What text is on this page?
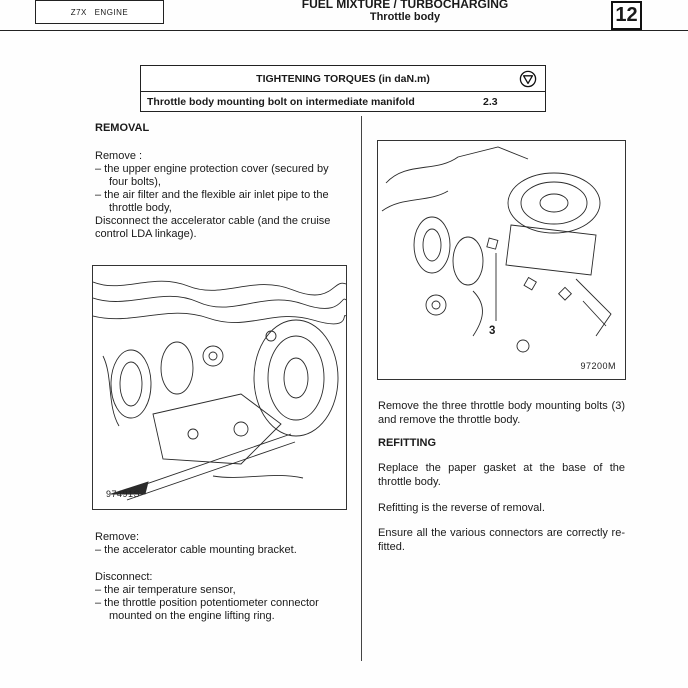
Z7X ENGINE
FUEL MIXTURE / TURBOCHARGING
Throttle body	12
TIGHTENING TORQUES (in daN.m)
Throttle body mounting bolt on intermediate manifold	2.3
REMOVAL

Remove :

– the upper engine protection cover (secured by four bolts),

– the air filter and the flexible air inlet pipe to the throttle body,

Disconnect the accelerator cable (and the cruise control LDA linkage).

97491S

Remove:

– the accelerator cable mounting bracket.

Disconnect:

– the air temperature sensor,

– the throttle position potentiometer connector mounted on the engine lifting ring.

3
97200M

Remove the three throttle body mounting bolts (3) and remove the throttle body.

REFITTING

Replace the paper gasket at the base of the throttle body.

Refitting is the reverse of removal.

Ensure all the various connectors are correctly re-fitted.
